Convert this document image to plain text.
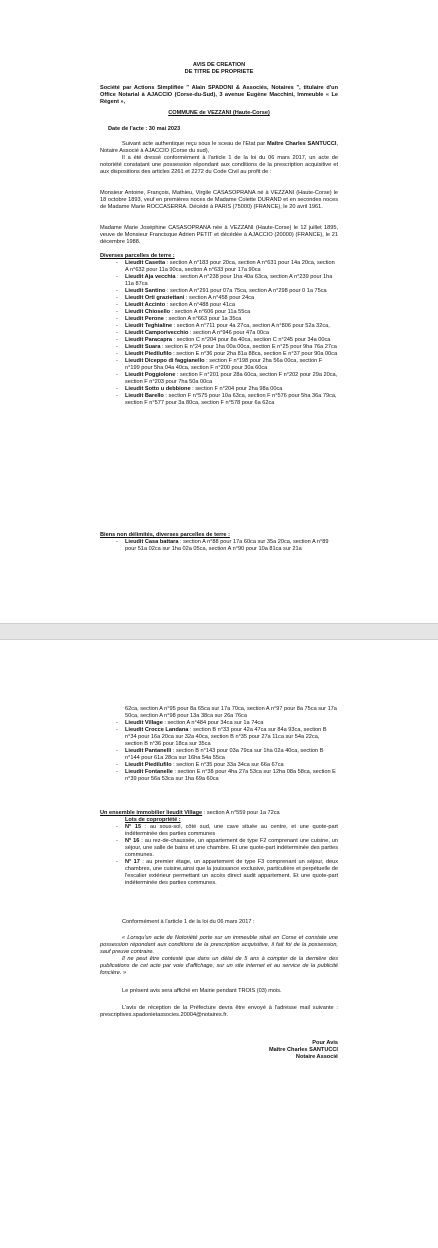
AVIS DE CREATION
DE TITRE DE PROPRIETE
Société par Actions Simplifiée " Alain SPADONI & Associés, Notaires ", titulaire d'un Office Notarial à AJACCIO (Corse-du-Sud), 3 avenue Eugène Macchini, Immeuble « Le Régent »,
COMMUNE de VEZZANI (Haute-Corse)
Date de l'acte : 30 mai 2023

Suivant acte authentique reçu sous le sceau de l'Etat par Maître Charles SANTUCCI, Notaire Associé à AJACCIO (Corse du sud),

Il a été dressé conformément à l'article 1 de la loi du 06 mars 2017, un acte de notoriété constatant une possession répondant aux conditions de la prescription acquisitive et aux dispositions des articles 2261 et 2272 du Code Civil au profit de :

Monsieur Antoine, François, Mathieu, Virgile CASASOPRANA né à VEZZANI (Haute-Corse) le 18 octobre 1893, veuf en premières noces de Madame Colette DURAND et en secondes noces de Madame Marie ROCCASERRA. Décédé à PARIS (75000) (FRANCE), le 20 avril 1961.
Madame Marie Joséphine CASASOPRANA née à VEZZANI (Haute-Corse) le 12 juillet 1895, veuve de Monsieur Francisque Adrien PETIT et décédée à AJACCIO (20000) (FRANCE), le 21 décembre 1988.
Diverses parcelles de terre :
- Lieudit Casetta : section A n°183 pour 20ca, section A n°631 pour 14a 20ca, section A n°632 pour 11a 90ca, section A n°633 pour 17a 90ca
- Lieudit Aja vecchia : section A n°238 pour 1ha 40a 63ca, section A n°239 pour 1ha 11a 87ca
- Lieudit Santino : section A n°291 pour 07a 75ca, section A n°298 pour 0 1a 75ca
- Lieudit Orti graziettani : section A n°458 pour 24ca
- Lieudit Accinto : section A n°488 pour 41ca
- Lieudit Chiosello : section A n°606 pour 11a 55ca
- Lieudit Perone : section A n°663 pour 1a 35ca
- Lieudit Teghialine : section A n°711 pour 4a 27ca, section A n°806 pour 52a 32ca,
- Lieudit Camporivecchio : section A n°946 pour 47a 00ca
- Lieudit Paracapra : section C n°204 pour 8a 40ca, section C n°245 pour 34a 00ca
- Lieudit Suara : section E n°24 pour 1ha 00a 00ca, section E n°25 pour 9ha 76a 27ca
- Lieudit Piedilufilo : section E n°36 pour 2ha 81a 88ca, section E n°37 pour 90a 00ca
- Lieudit Diceppo di faggianello : section F n°198 pour 2ha 56a 00ca, section F n°199 pour 5ha 04a 40ca, section F n°200 pour 30a 60ca
- Lieudit Poggiolone : section F n°201 pour 28a 60ca, section F n°202 pour 29a 20ca, section F n°203 pour 7ha 50a 00ca
- Lieudit Sotto u debbione : section F n°204 pour 2ha 98a 00ca
- Lieudit Barello : section F n°575 pour 10a 63ca, section F n°576 pour 5ha 36a 79ca, section F n°577 pour 3a 80ca, section F n°578 pour 6a 62ca
Biens non délimités, diverses parcelles de terre :
- Lieudit Casa battara : section A n°88 pour 17a 60ca sur 35a 20ca, section A n°89 pour 51a 02ca sur 1ha 02a 05ca, section A n°90 pour 10a 81ca sur 21a
62ca, section A n°95 pour 8a 65ca sur 17a 70ca, section A n°97 pour 8a 75ca sur 17a 50ca, section A n°98 pour 13a 38ca sur 26a 76ca
- Lieudit Village : section A n°484 pour 34ca sur 1a 74ca
- Lieudit Crocce Landana : section B n°33 pour 42a 47ca sur 84a 93ca, section B n°34 pour 16a 20ca sur 32a 40ca, section B n°35 pour 27a 11ca sur 54a 22ca, section B n°36 pour 18ca sur 35ca
- Lieudit Pantanelli : section B n°143 pour 03a 79ca sur 1ha 02a 40ca, section B n°144 pour 61a 28ca sur 16ha 54a 55ca
- Lieudit Piedilufilo : section E n°35 pour 33a 34ca sur 66a 67ca
- Lieudit Fontanelle : section E n°38 pour 4ha 27a 53ca sur 12ha 08a 58ca, section E n°39 pour 56a 53ca sur 1ha 69a 60ca
Un ensemble immobilier lieudit Village : section A n°559 pour 1a 72ca
Lots de copropriété :
- N° 15 : au sous-sol, côté sud, une cave située au centre, et une quote-part indéterminée des parties communes
- N° 16 : au rez-de-chaussée, un appartement de type F2 comprenant une cuisine, un séjour, une salle de bains et une chambre. Et une quote-part indéterminée des parties communes.
- N° 17 : au premier étage, un appartement de type F3 comprenant un séjour, deux chambres, une cuisine,ainsi que la jouissance exclusive, particulière et perpétuelle de l'escalier extérieur permettant un accès direct audit appartement. Et une quote-part indéterminée des parties communes.
Conformément à l'article 1 de la loi du 06 mars 2017 :

« Lorsqu'un acte de Notoriété porte sur un immeuble situé en Corse et constate une possession répondant aux conditions de la prescription acquisitive, il fait foi de la possession, sauf preuve contraire.

Il ne peut être contesté que dans un délai de 5 ans à compter de la dernière des publications de cet acte par voie d'affichage, sur un site internet et au service de la publicité foncière. »

Le présent avis sera affiché en Mairie pendant TROIS (03) mois.

L'avis de réception de la Préfecture devra être envoyé à l'adresse mail suivante : prescriptives.spadonietassocies.20004@notaires.fr.

Pour Avis
Maître Charles SANTUCCI
Notaire Associé
